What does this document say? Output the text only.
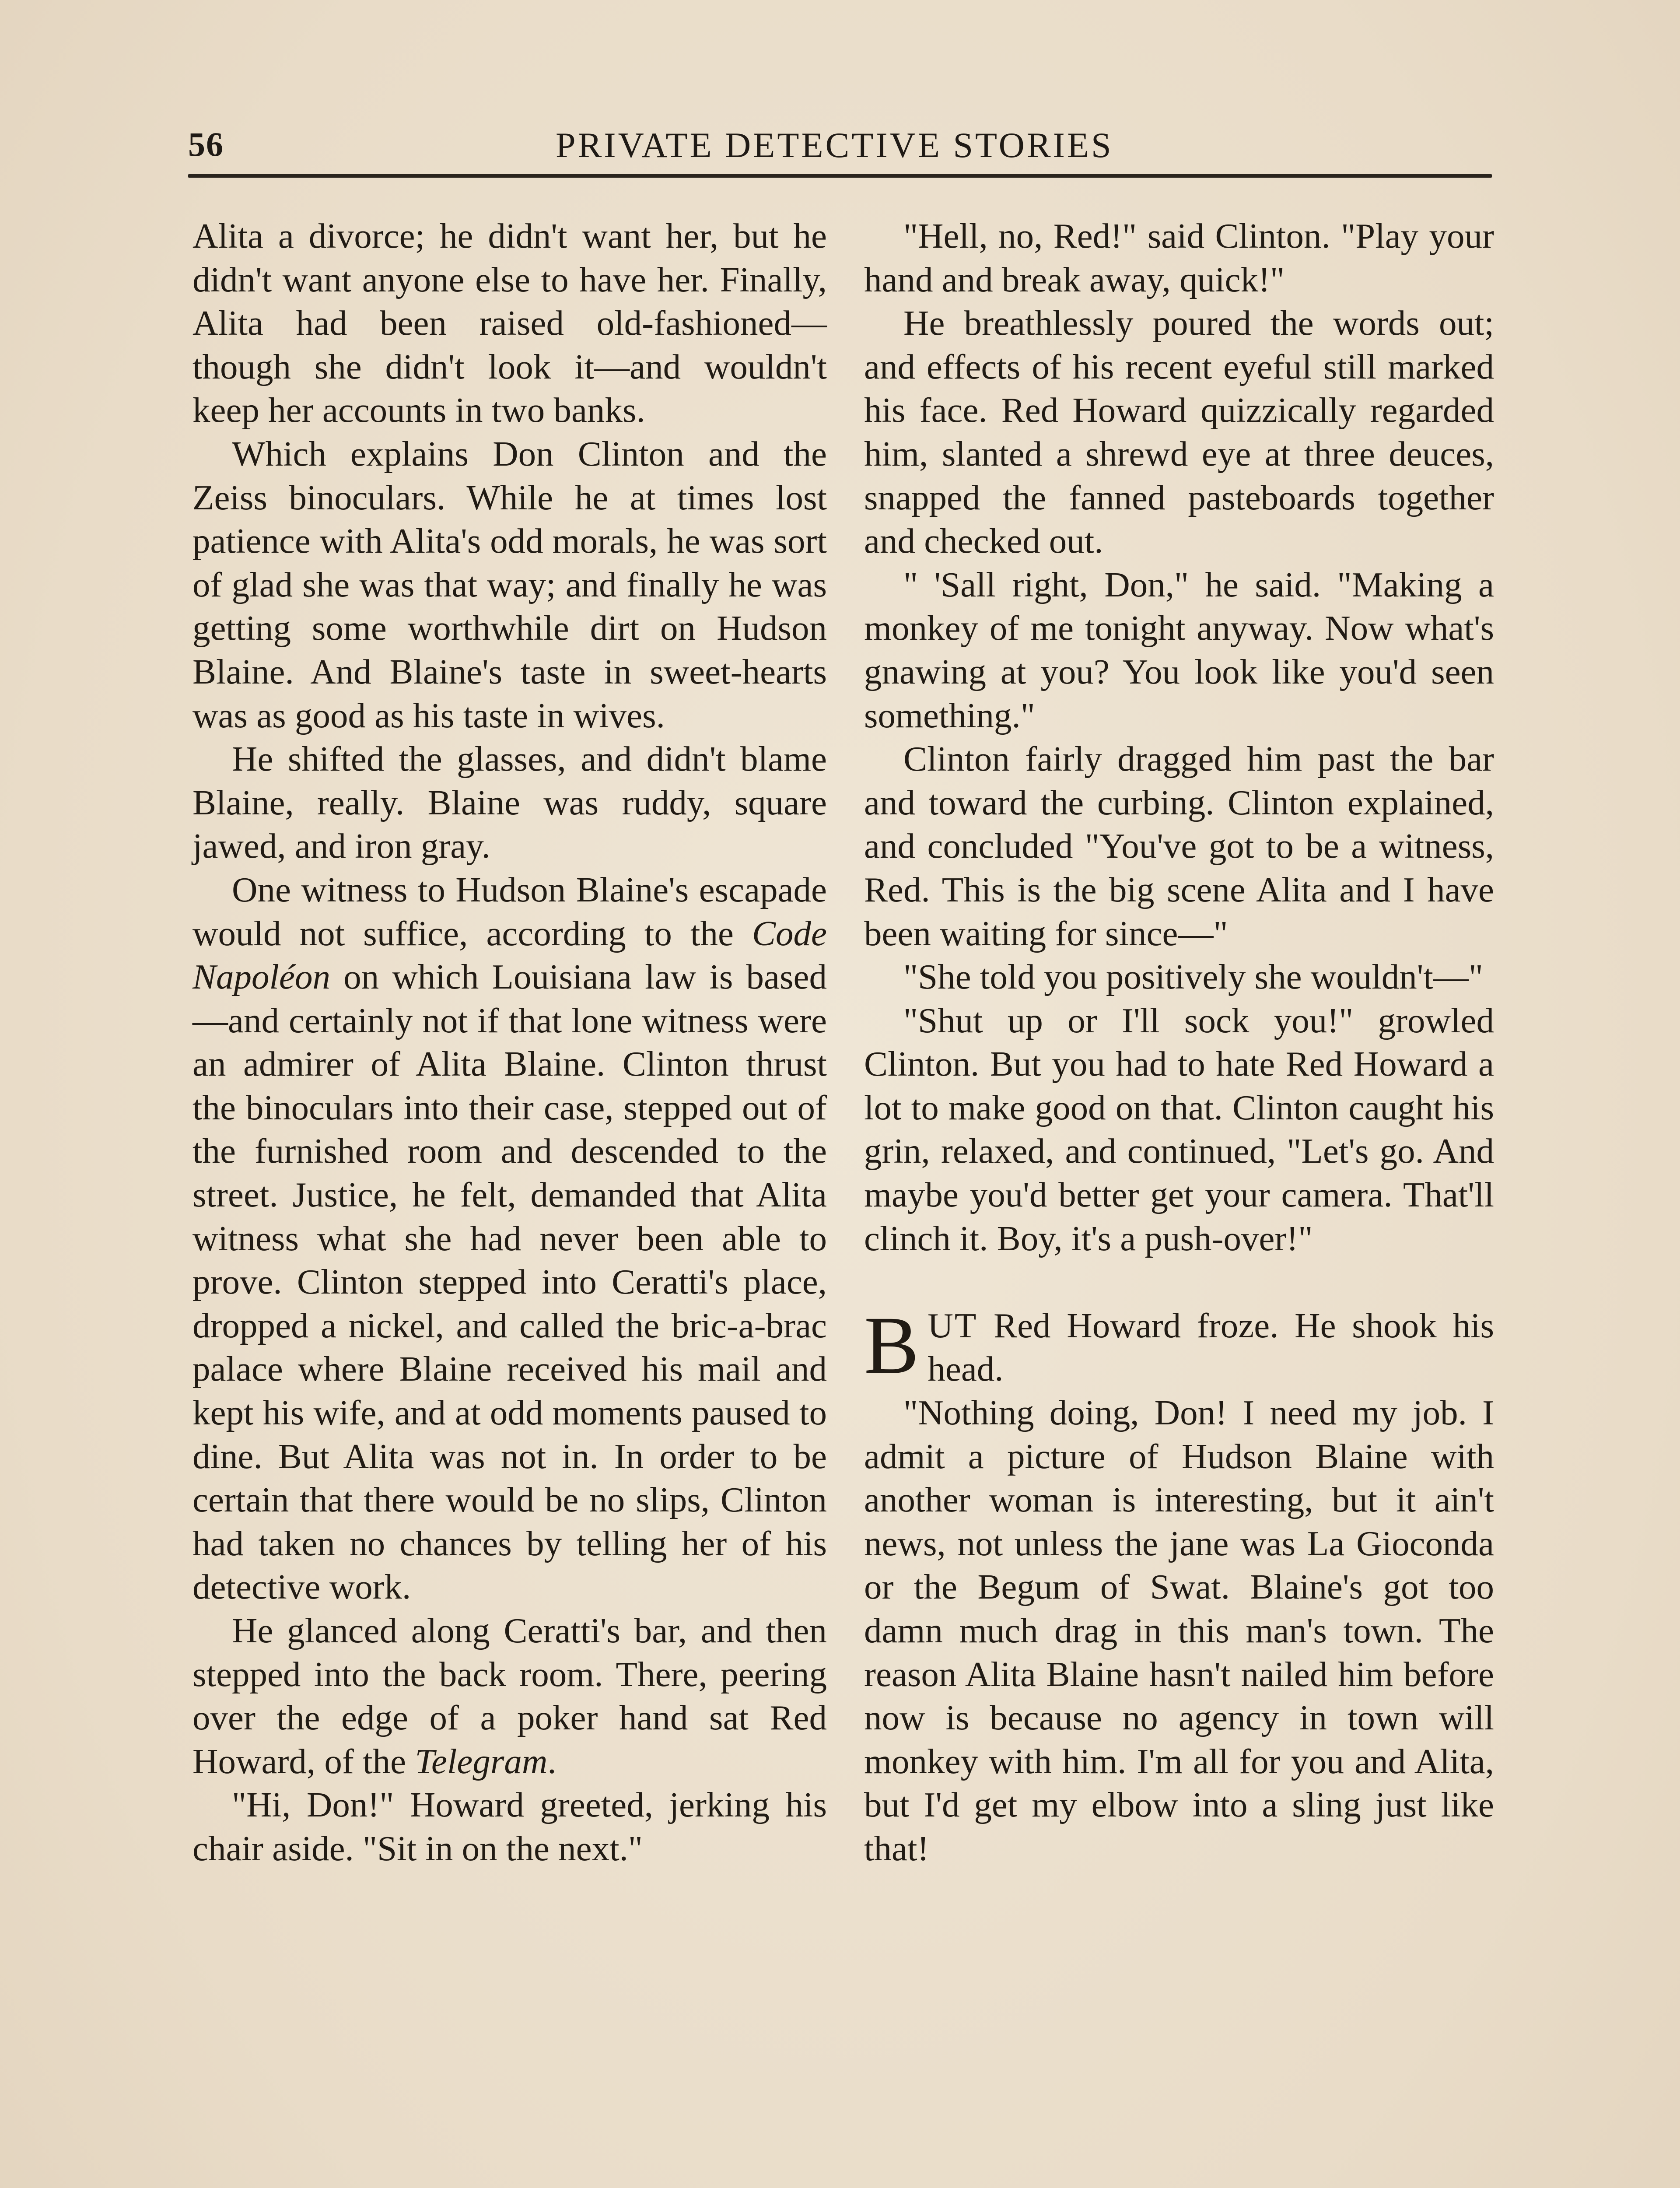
56	PRIVATE DETECTIVE STORIES

Alita a divorce; he didn't want her, but he didn't want anyone else to have her. Finally, Alita had been raised old-fashioned—though she didn't look it—and wouldn't keep her accounts in two banks.

Which explains Don Clinton and the Zeiss binoculars. While he at times lost patience with Alita's odd morals, he was sort of glad she was that way; and finally he was getting some worthwhile dirt on Hudson Blaine. And Blaine's taste in sweet-hearts was as good as his taste in wives.

He shifted the glasses, and didn't blame Blaine, really. Blaine was ruddy, square jawed, and iron gray.

One witness to Hudson Blaine's escapade would not suffice, according to the Code Napoléon on which Louisiana law is based—and certainly not if that lone witness were an admirer of Alita Blaine. Clinton thrust the binoculars into their case, stepped out of the furnished room and descended to the street. Justice, he felt, demanded that Alita witness what she had never been able to prove. Clinton stepped into Ceratti's place, dropped a nickel, and called the bric-a-brac palace where Blaine received his mail and kept his wife, and at odd moments paused to dine. But Alita was not in. In order to be certain that there would be no slips, Clinton had taken no chances by telling her of his detective work.

He glanced along Ceratti's bar, and then stepped into the back room. There, peering over the edge of a poker hand sat Red Howard, of the Telegram.

"Hi, Don!" Howard greeted, jerking his chair aside. "Sit in on the next."

"Hell, no, Red!" said Clinton. "Play your hand and break away, quick!"

He breathlessly poured the words out; and effects of his recent eyeful still marked his face. Red Howard quizzically regarded him, slanted a shrewd eye at three deuces, snapped the fanned pasteboards together and checked out.

" 'Sall right, Don," he said. "Making a monkey of me tonight anyway. Now what's gnawing at you? You look like you'd seen something."

Clinton fairly dragged him past the bar and toward the curbing. Clinton explained, and concluded "You've got to be a witness, Red. This is the big scene Alita and I have been waiting for since—"

"She told you positively she wouldn't—"

"Shut up or I'll sock you!" growled Clinton. But you had to hate Red Howard a lot to make good on that. Clinton caught his grin, relaxed, and continued, "Let's go. And maybe you'd better get your camera. That'll clinch it. Boy, it's a push-over!"

BUT Red Howard froze. He shook his head.

"Nothing doing, Don! I need my job. I admit a picture of Hudson Blaine with another woman is interesting, but it ain't news, not unless the jane was La Gioconda or the Begum of Swat. Blaine's got too damn much drag in this man's town. The reason Alita Blaine hasn't nailed him before now is because no agency in town will monkey with him. I'm all for you and Alita, but I'd get my elbow into a sling just like that!
